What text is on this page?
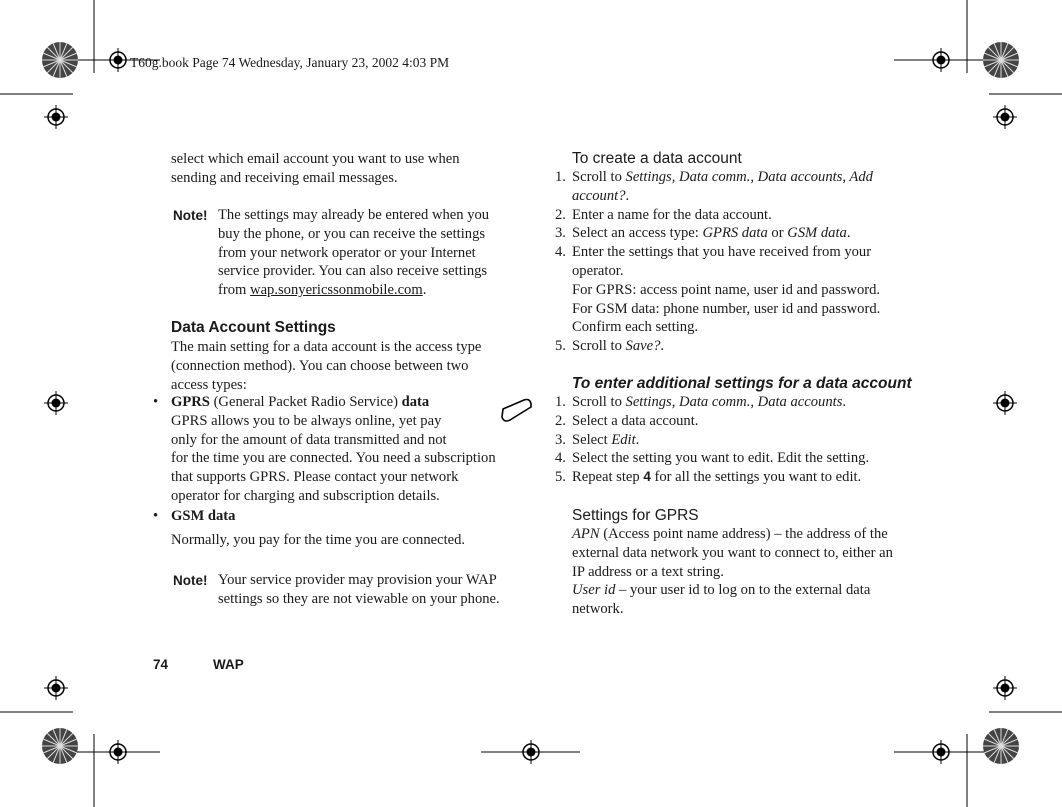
T60g.book Page 74 Wednesday, January 23, 2002 4:03 PM
select which email account you want to use when
sending and receiving email messages.
Note! The settings may already be entered when you
buy the phone, or you can receive the settings
from your network operator or your Internet
service provider. You can also receive settings
from wap.sonyericssonmobile.com.
Data Account Settings
The main setting for a data account is the access type
(connection method). You can choose between two
access types:
• GPRS (General Packet Radio Service) data
GPRS allows you to be always online, yet pay
only for the amount of data transmitted and not
for the time you are connected. You need a subscription
that supports GPRS. Please contact your network
operator for charging and subscription details.
• GSM data
Normally, you pay for the time you are connected.
Note! Your service provider may provision your WAP
settings so they are not viewable on your phone.
To create a data account
1. Scroll to Settings, Data comm., Data accounts, Add
account?.
2. Enter a name for the data account.
3. Select an access type: GPRS data or GSM data.
4. Enter the settings that you have received from your
operator.
For GPRS: access point name, user id and password.
For GSM data: phone number, user id and password.
Confirm each setting.
5. Scroll to Save?.
To enter additional settings for a data account
1. Scroll to Settings, Data comm., Data accounts.
2. Select a data account.
3. Select Edit.
4. Select the setting you want to edit. Edit the setting.
5. Repeat step 4 for all the settings you want to edit.
Settings for GPRS
APN (Access point name address) – the address of the
external data network you want to connect to, either an
IP address or a text string.
User id – your user id to log on to the external data
network.
74	WAP
